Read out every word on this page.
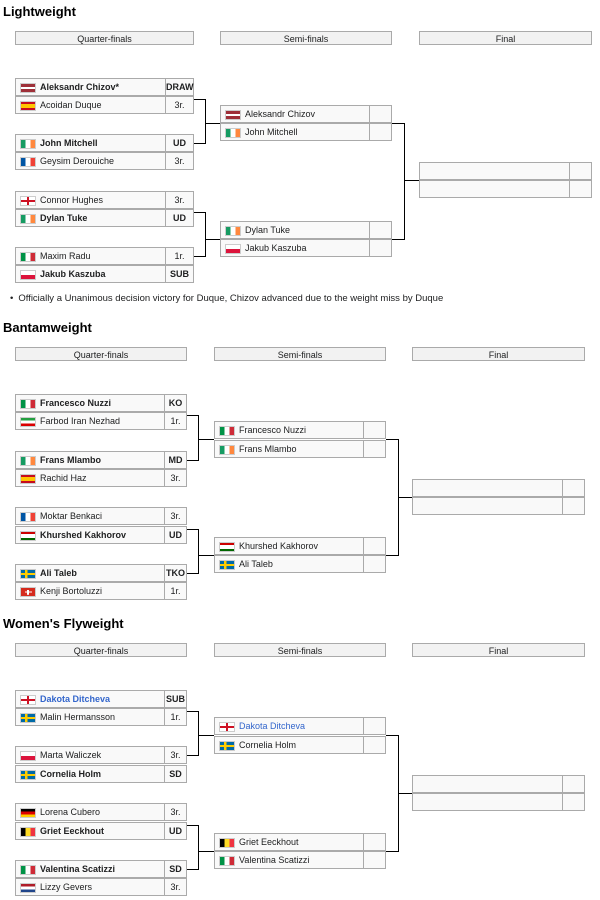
Lightweight
Quarter-finals	Semi-finals	Final
Aleksandr Chizov*	DRAW
Acoidan Duque	3r.
John Mitchell	UD
Geysim Derouiche	3r.
Connor Hughes	3r.
Dylan Tuke	UD
Maxim Radu	1r.
Jakub Kaszuba	SUB
Aleksandr Chizov
John Mitchell
Dylan Tuke
Jakub Kaszuba
• Officially a Unanimous decision victory for Duque, Chizov advanced due to the weight miss by Duque
Bantamweight
Quarter-finals	Semi-finals	Final
Francesco Nuzzi	KO
Farbod Iran Nezhad	1r.
Frans Mlambo	MD
Rachid Haz	3r.
Moktar Benkaci	3r.
Khurshed Kakhorov	UD
Ali Taleb	TKO
Kenji Bortoluzzi	1r.
Francesco Nuzzi
Frans Mlambo
Khurshed Kakhorov
Ali Taleb
Women's Flyweight
Quarter-finals	Semi-finals	Final
Dakota Ditcheva	SUB
Malin Hermansson	1r.
Marta Waliczek	3r.
Cornelia Holm	SD
Lorena Cubero	3r.
Griet Eeckhout	UD
Valentina Scatizzi	SD
Lizzy Gevers	3r.
Dakota Ditcheva
Cornelia Holm
Griet Eeckhout
Valentina Scatizzi
